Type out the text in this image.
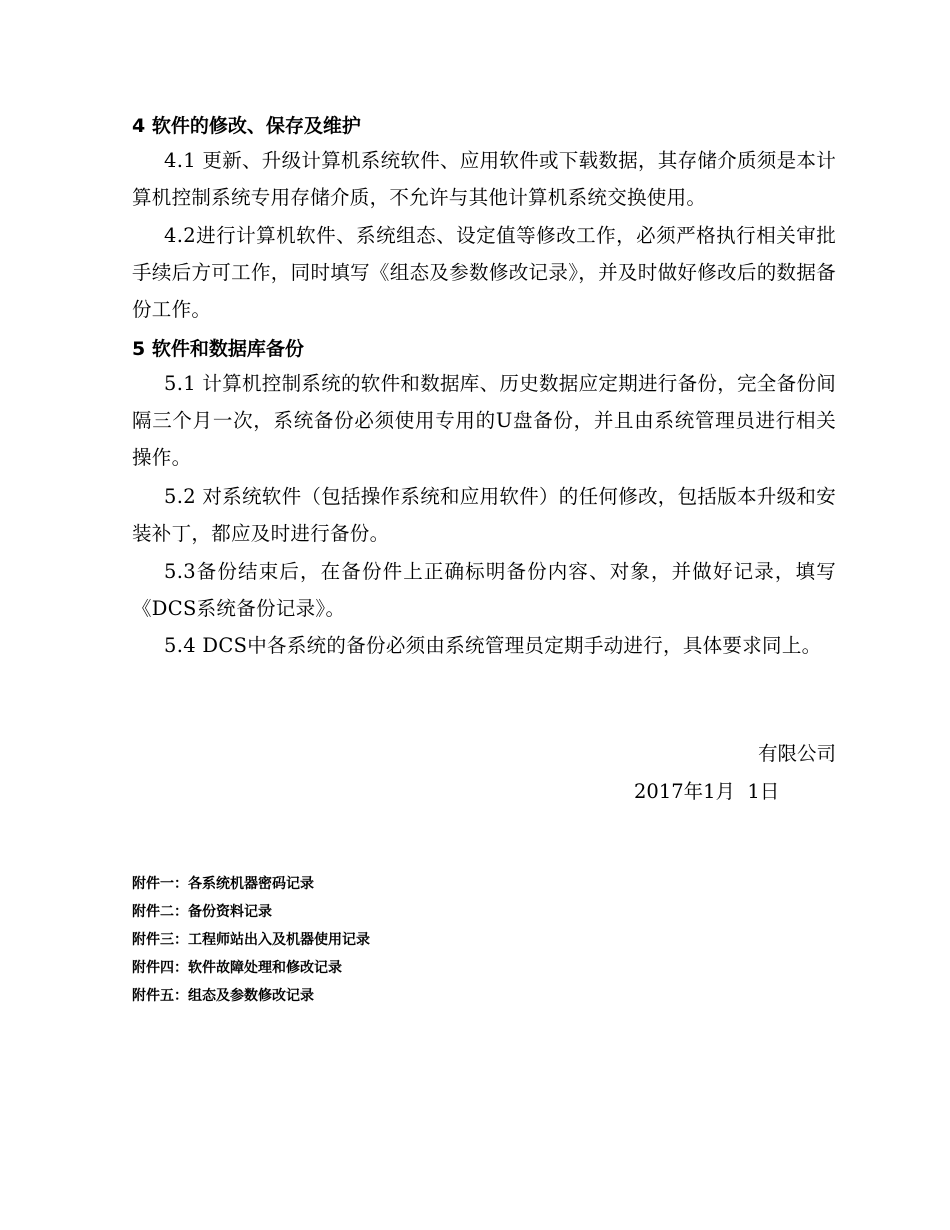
4 软件的修改、保存及维护

4.1 更新、升级计算机系统软件、应用软件或下载数据，其存储介质须是本计算机控制系统专用存储介质，不允许与其他计算机系统交换使用。

4.2进行计算机软件、系统组态、设定值等修改工作，必须严格执行相关审批手续后方可工作，同时填写《组态及参数修改记录》，并及时做好修改后的数据备份工作。

5 软件和数据库备份

5.1 计算机控制系统的软件和数据库、历史数据应定期进行备份，完全备份间隔三个月一次，系统备份必须使用专用的U盘备份，并且由系统管理员进行相关操作。

5.2 对系统软件（包括操作系统和应用软件）的任何修改，包括版本升级和安装补丁，都应及时进行备份。

5.3备份结束后，在备份件上正确标明备份内容、对象，并做好记录，填写《DCS系统备份记录》。

5.4 DCS中各系统的备份必须由系统管理员定期手动进行，具体要求同上。

有限公司
2017年1月  1日
附件一：各系统机器密码记录
附件二：备份资料记录
附件三：工程师站出入及机器使用记录
附件四：软件故障处理和修改记录
附件五：组态及参数修改记录
